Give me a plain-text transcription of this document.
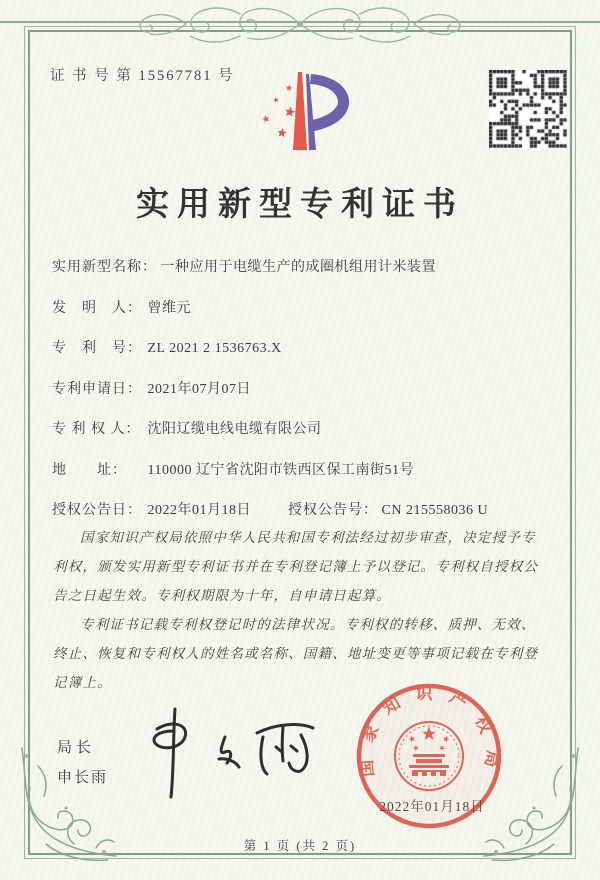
证 书 号 第 15567781 号
实用新型专利证书
实用新型名称： 一种应用于电缆生产的成圈机组用计米装置
发　明　人： 曾维元
专　利　号： ZL 2021 2 1536763.X
专利申请日： 2021年07月07日
专 利 权 人： 沈阳辽缆电线电缆有限公司
地　　址： 110000 辽宁省沈阳市铁西区保工南街51号
授权公告日： 2022年01月18日	授权公告号： CN 215558036 U

国家知识产权局依照中华人民共和国专利法经过初步审查，决定授予专利权，颁发实用新型专利证书并在专利登记簿上予以登记。专利权自授权公告之日起生效。专利权期限为十年，自申请日起算。

专利证书记载专利权登记时的法律状况。专利权的转移、质押、无效、终止、恢复和专利权人的姓名或名称、国籍、地址变更等事项记载在专利登记簿上。

局长
申长雨
国家知识产权局
2022年01月18日
第 1 页 (共 2 页)
